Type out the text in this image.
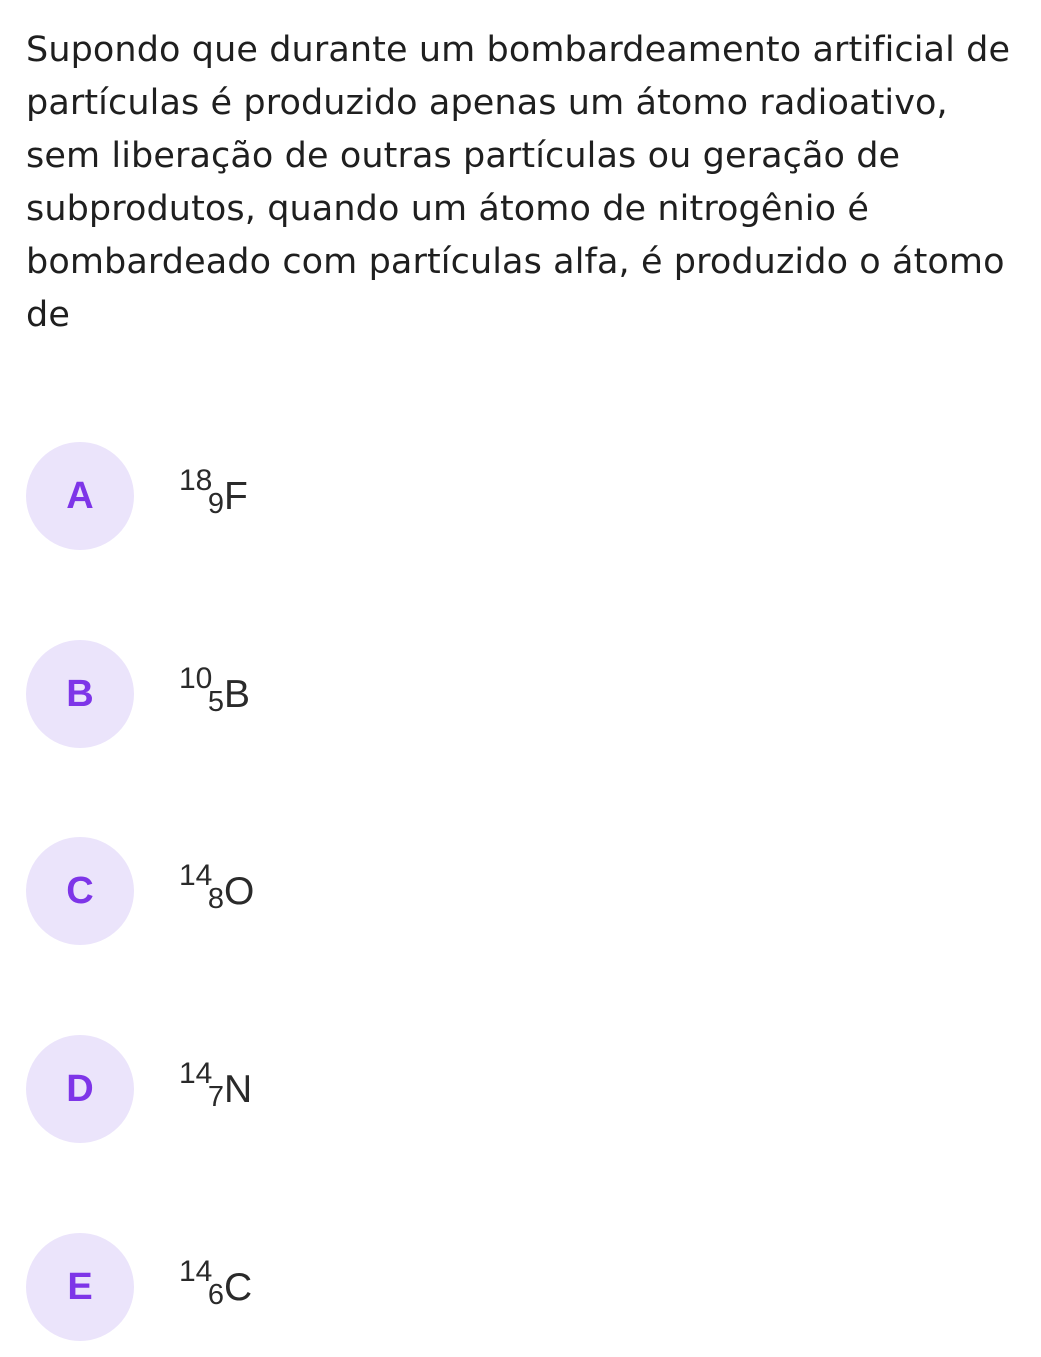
Supondo que durante um bombardeamento artificial de
partículas é produzido apenas um átomo radioativo,
sem liberação de outras partículas ou geração de
subprodutos, quando um átomo de nitrogênio é
bombardeado com partículas alfa, é produzido o átomo
de

A	18
9 F
B	10
5 B
C	14
8 O
D	14
7 N
E	14
6 C
